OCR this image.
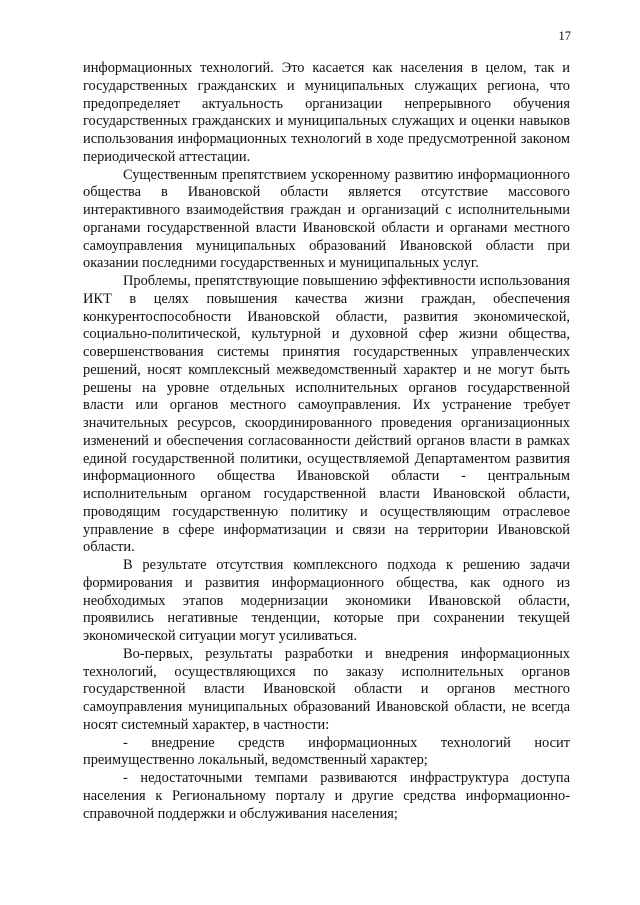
17

информационных технологий. Это касается как населения в целом, так и государственных гражданских и муниципальных служащих региона, что предопределяет актуальность организации непрерывного обучения государственных гражданских и муниципальных служащих и оценки навыков использования информационных технологий в ходе предусмотренной законом периодической аттестации.

Существенным препятствием ускоренному развитию информационного общества в Ивановской области является отсутствие массового интерактивного взаимодействия граждан и организаций с исполнительными органами государственной власти Ивановской области и органами местного самоуправления муниципальных образований Ивановской области при оказании последними государственных и муниципальных услуг.

Проблемы, препятствующие повышению эффективности использования ИКТ в целях повышения качества жизни граждан, обеспечения конкурентоспособности Ивановской области, развития экономической, социально-политической, культурной и духовной сфер жизни общества, совершенствования системы принятия государственных управленческих решений, носят комплексный межведомственный характер и не могут быть решены на уровне отдельных исполнительных органов государственной власти или органов местного самоуправления. Их устранение требует значительных ресурсов, скоординированного проведения организационных изменений и обеспечения согласованности действий органов власти в рамках единой государственной политики, осуществляемой Департаментом развития информационного общества Ивановской области - центральным исполнительным органом государственной власти Ивановской области, проводящим государственную политику и осуществляющим отраслевое управление в сфере информатизации и связи на территории Ивановской области.

В результате отсутствия комплексного подхода к решению задачи формирования и развития информационного общества, как одного из необходимых этапов модернизации экономики Ивановской области, проявились негативные тенденции, которые при сохранении текущей экономической ситуации могут усиливаться.

Во-первых, результаты разработки и внедрения информационных технологий, осуществляющихся по заказу исполнительных органов государственной власти Ивановской области и органов местного самоуправления муниципальных образований Ивановской области, не всегда носят системный характер, в частности:

- внедрение средств информационных технологий носит преимущественно локальный, ведомственный характер;

- недостаточными темпами развиваются инфраструктура доступа населения к Региональному порталу и другие средства информационно-справочной поддержки и обслуживания населения;
